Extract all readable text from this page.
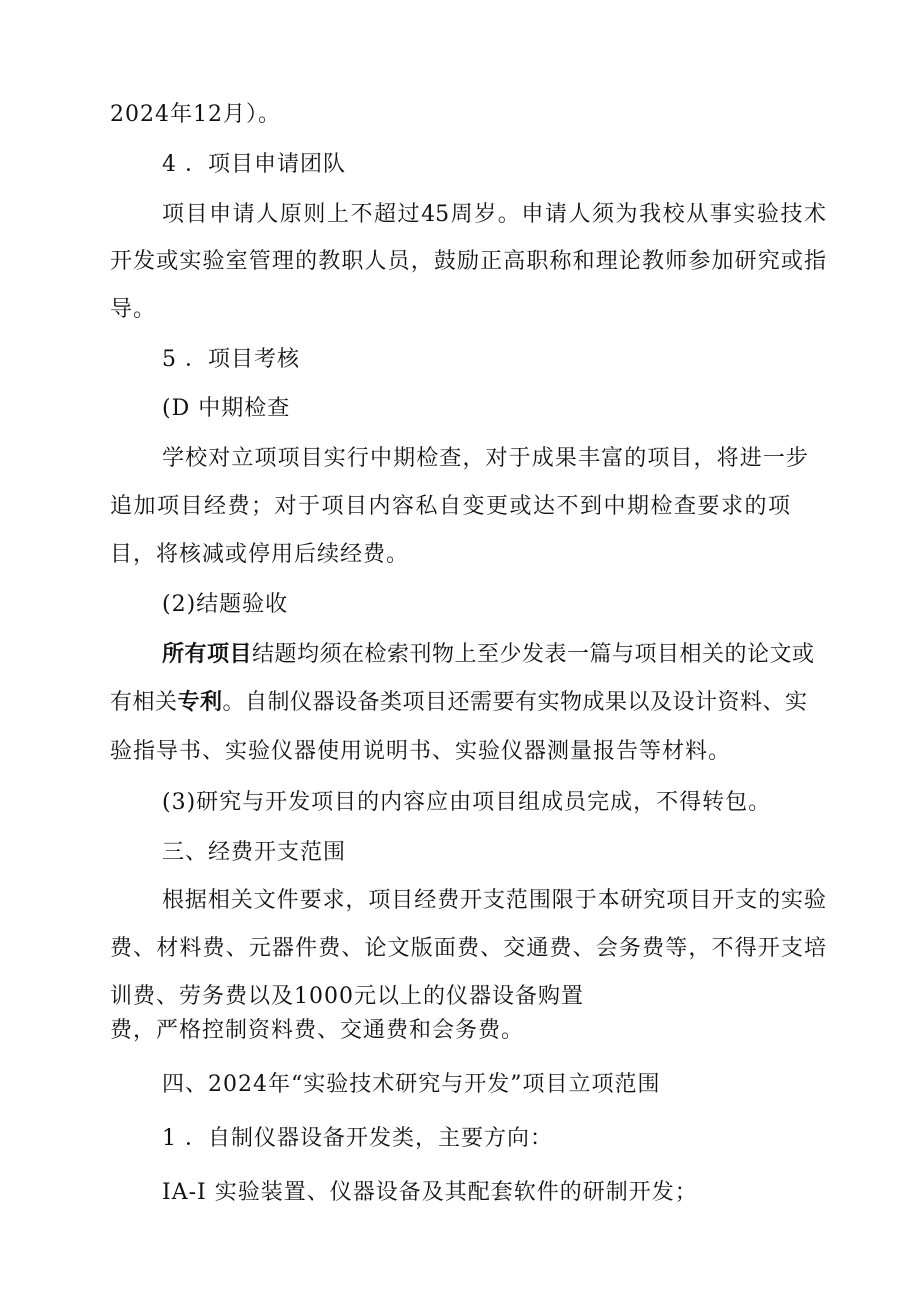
2024年12月）。
4 ．项目申请团队
项目申请人原则上不超过45周岁。申请人须为我校从事实验技术
开发或实验室管理的教职人员，鼓励正高职称和理论教师参加研究或指
导。
5 ．项目考核
(D 中期检查
学校对立项项目实行中期检查，对于成果丰富的项目，将进一步
追加项目经费；对于项目内容私自变更或达不到中期检查要求的项
目，将核减或停用后续经费。
(2)结题验收
所有项目结题均须在检索刊物上至少发表一篇与项目相关的论文或
有相关专利。自制仪器设备类项目还需要有实物成果以及设计资料、实
验指导书、实验仪器使用说明书、实验仪器测量报告等材料。
(3)研究与开发项目的内容应由项目组成员完成，不得转包。
三、经费开支范围
根据相关文件要求，项目经费开支范围限于本研究项目开支的实验
费、材料费、元器件费、论文版面费、交通费、会务费等，不得开支培
训费、劳务费以及1000元以上的仪器设备购置
费，严格控制资料费、交通费和会务费。
四、2024年“实验技术研究与开发”项目立项范围
1 ．自制仪器设备开发类，主要方向：
IA-I 实验装置、仪器设备及其配套软件的研制开发；
